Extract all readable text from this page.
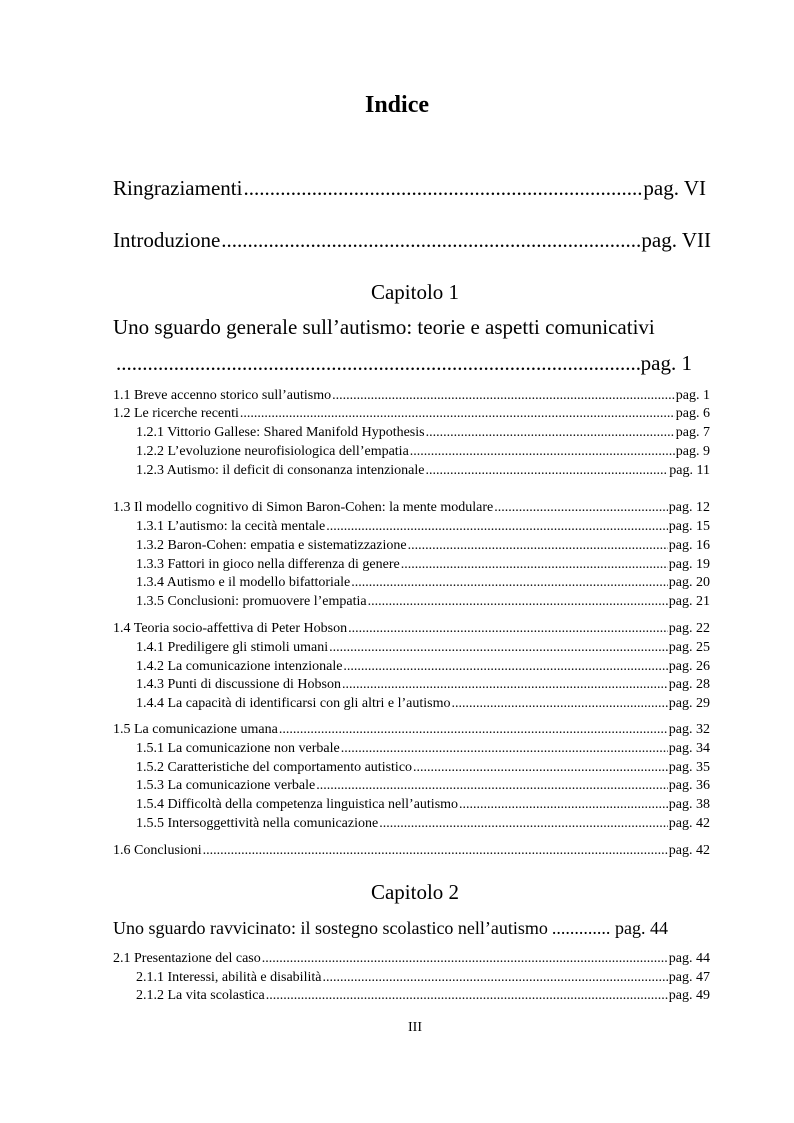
Indice
Ringraziamenti .....	pag. VI
Introduzione .....	pag. VII
Capitolo 1
Uno sguardo generale sull’autismo: teorie e aspetti comunicativi
.....
pag. 1
1.1 Breve accenno storico sull’autismo .....	pag. 1
1.2 Le ricerche recenti .....	pag. 6
1.2.1 Vittorio Gallese: Shared Manifold Hypothesis .....	pag. 7
1.2.2 L’evoluzione neurofisiologica dell’empatia .....	pag. 9
1.2.3 Autismo: il deficit di consonanza intenzionale .....	pag. 11
1.3 Il modello cognitivo di Simon Baron-Cohen: la mente modulare .....	pag. 12
1.3.1 L’autismo: la cecità mentale .....	pag. 15
1.3.2 Baron-Cohen: empatia e sistematizzazione .....	pag. 16
1.3.3 Fattori in gioco nella differenza di genere .....	pag. 19
1.3.4 Autismo e il modello bifattoriale .....	pag. 20
1.3.5 Conclusioni: promuovere l’empatia .....	pag. 21
1.4 Teoria socio-affettiva di Peter Hobson .....	pag. 22
1.4.1 Prediligere gli stimoli umani .....	pag. 25
1.4.2 La comunicazione intenzionale .....	pag. 26
1.4.3 Punti di discussione di Hobson .....	pag. 28
1.4.4 La capacità di identificarsi con gli altri e l’autismo .....	pag. 29
1.5 La comunicazione umana .....	pag. 32
1.5.1 La comunicazione non verbale .....	pag. 34
1.5.2 Caratteristiche del comportamento autistico .....	pag. 35
1.5.3 La comunicazione verbale .....	pag. 36
1.5.4 Difficoltà della competenza linguistica nell’autismo .....	pag. 38
1.5.5 Intersoggettività nella comunicazione .....	pag. 42
1.6 Conclusioni .....	pag. 42
Capitolo 2
Uno sguardo ravvicinato: il sostegno scolastico nell’autismo .....	pag. 44
2.1 Presentazione del caso .....	pag. 44
2.1.1 Interessi, abilità e disabilità .....	pag. 47
2.1.2 La vita scolastica .....	pag. 49
III
